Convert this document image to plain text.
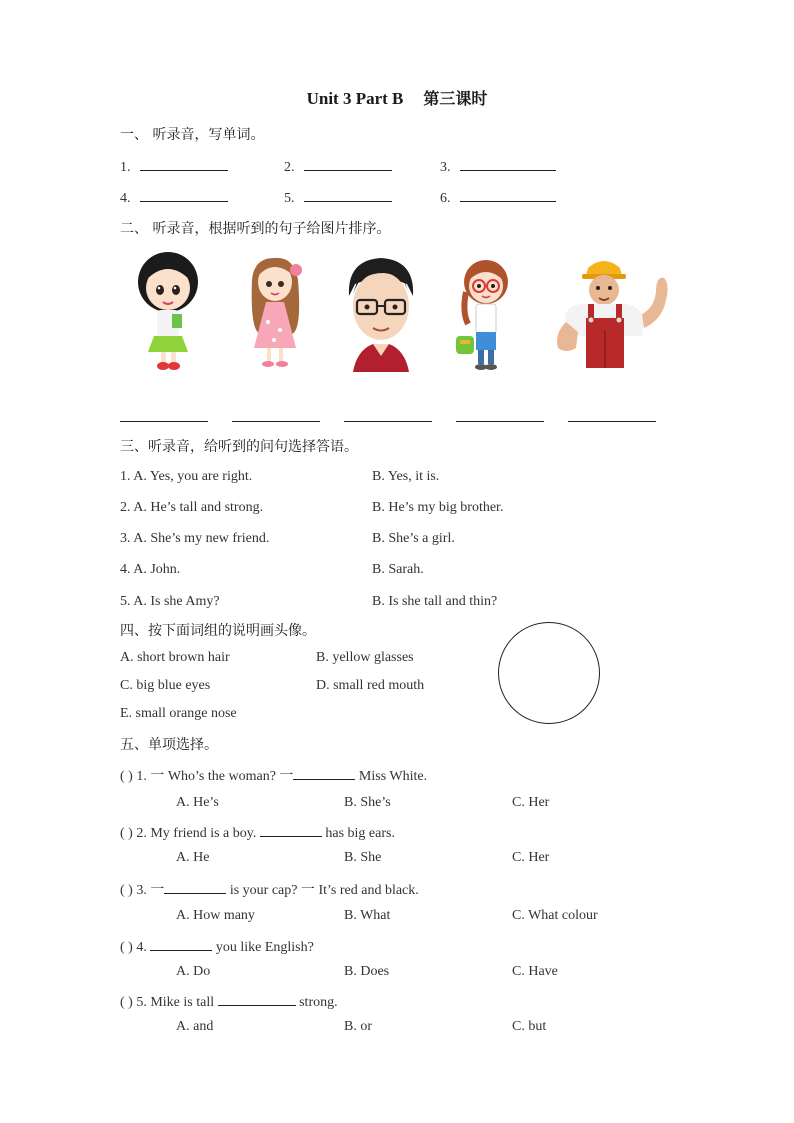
Unit 3 Part B 第三课时
一、 听录音，写单词。
1.	2.	3.
4.	5.	6.
二、 听录音，根据听到的句子给图片排序。
三、听录音，给听到的问句选择答语。
1. A. Yes, you are right.	B. Yes, it is.
2. A. He’s tall and strong.	B. He’s my big brother.
3. A. She’s my new friend.	B. She’s a girl.
4. A. John.	B. Sarah.
5. A. Is she Amy?	B. Is she tall and thin?
四、按下面词组的说明画头像。
A. short brown hair	B. yellow glasses
C. big blue eyes	D. small red mouth
E. small orange nose
五、单项选择。
( ) 1. 一 Who’s the woman? 一	Miss White.
A. He’s	B. She’s	C. Her
( ) 2. My friend is a boy.	has big ears.
A. He	B. She	C. Her
( ) 3. 一	is your cap? 一 It’s red and black.
A. How many	B. What	C. What colour
( ) 4.	you like English?
A. Do	B. Does	C. Have
( ) 5. Mike is tall	strong.
A. and	B. or	C. but
